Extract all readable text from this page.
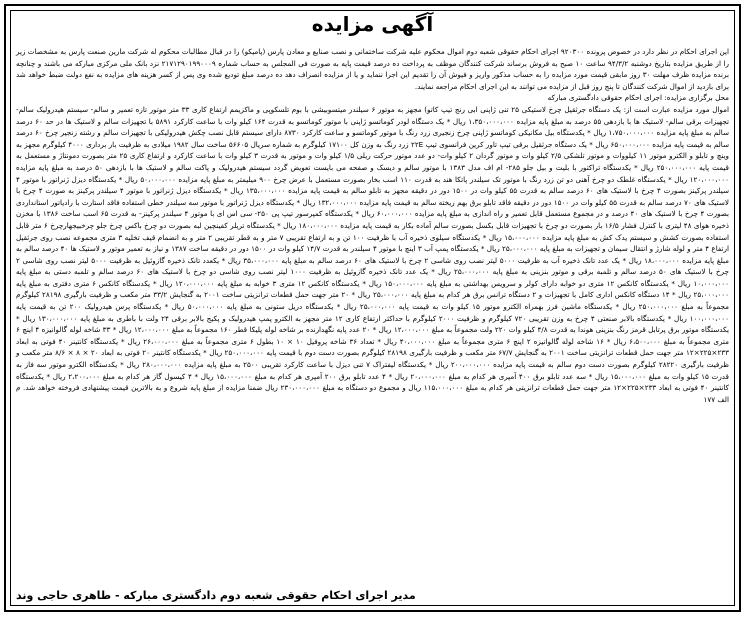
آگهی مزایده

این اجرای احکام در نظر دارد در خصوص پرونده ۹۲۰۳۰۰ اجرای احکام حقوقی شعبه دوم اموال محکوم علیه شرکت ساختمانی و نصب صنایع و معادن پارس (پامیکو) را در قبال مطالبات محکوم له شرکت مارین صنعت پارس به مشخصات زیر را از طریق مزایده بتاریخ دوشنبه ۹۴/۳/۲ ساعت ۱۰ صبح به فروش برساند شرکت کنندگان موظف به پرداخت ده درصد قیمت پایه به صورت فی المجلس به حساب شماره ۲۱۷۱۲۹۰۱۹۹۰۰۰۹ نزد بانک ملی مرکزی مبارکه می باشند و چنانچه برنده مزایده ظرف مهلت ۳۰ روز مابقی قیمت مورد مزایده را به حساب مذکور واریز و فیوش آن را تقدیم این اجرا ننماید و یا از مزایده انصراف دهد ده درصد مبلغ تودیع شده وی پس از کسر هزینه های مزایده به نفع دولت ضبط خواهد شد برای بازدید از اموال شرکت کنندگان تا پنج روز قبل از مزایده می توانند به این اجرای احکام مراجعه نمایند.

محل برگزاری مزایده: اجرای احکام حقوقی دادگستری مبارکه

اموال مورد مزایده عبارت است از: یک دستگاه جرثقیل چرخ لاستیکی ۲۵ تنی ژاپنی ابی رنج تیپ کاتو) مجهز به موتور ۶ سیلندر میتسوبیشی با بوم تلسکوپی و ماکزیمم ارتفاع کاری ۳۳ متر موتور تازه تعمیر و سالم- سیستم هیدرولیک سالم- تجهیزات برقی سالم- لاستیک ها با بازدهی ۵۵ درصد به مبلغ پایه مزایده ۱،۳۵۰،۰۰۰،۰۰۰ ریال * یک دستگاه لودر کوماتسو ژاپنی با موتور کوماتسو به قدرت ۱۶۴ کیلو وات با ساعت کارکرد ۵۸۹۱ با تجهیزات سالم و لاستیک ها در حد ۶۰ درصد سالم به مبلغ پایه مزایده ۱،۷۵۰،۰۰۰،۰۰۰ ریال * یکدستگاه بیل مکانیکی کوماتسو ژاپنی چرخ زنجیری زرد رنگ با موتور کوماتسو و ساعت کارکرد ۸۷۳۰ دارای سیستم قابل نصب چکش هیدرولیکی با تجهیزات سالم و رشته زنجیر چرخ ۶۰ درصد سالم به قیمت پایه مزایده ۶۵۰،۰۰۰،۰۰۰ ریال * یک دستگاه جرثقیل برقی تیپ تاور کرین فرانسوی تیپ ۲۲E زرد رنگ به وزن کل ۱۷۱۰۰ کیلوگرم به شماره سریال ۵۶۶۰۵ ساخت سال ۱۹۸۲ میلادی به ظرفیت بار برداری ۴۰۰۰ کیلوگرم مجهز به وینچ و تابلو و الکترو موتور ۱۱ کیلووات و موتور تلشکی ۲/۵ کیلو وات و موتور گردان ۲ کیلو وات- دو عدد موتور حرکت ریلی ۱/۵ کیلو وات و موتور به قدرت ۳ کیلو وات با ساعت کارکرد و ارتفاع کاری ۲۵ متر بصورت دمونتاژ و مستعمل به قیمت پایه ۲۵۰،۰۰۰،۰۰۰ ریال * یکدستگاه تراکتور با بلیت و بیل جلو ۲۸۵- ام اف مدل ۱۳۸۳ با موتور سالم و دیسک و صفحه می بایست تعویض گردد سیستم هیدرولیک و پاکت سالم و لاستیک ها با بازدهی ۵۰ درصد به مبلغ پایه مزایده ۱۲۰،۰۰۰،۰۰۰ ریال * یکدستگاه غلطک دو چرخ آهنی دو تن زرد رنگ با موتور تک سیلندر پاتکا هند به قدرت ۱۱۰ اسب بخار بصورت مستعمل با عرض چرخ ۹۰۰ میلیمتر به مبلغ پایه مزایده ۵۰،۰۰۰،۰۰۰ ریال * یکدستگاه دیزل ژنراتور با موتور ۴ سیلندر پرکینز بصورت ۴ چرخ با لاستیک های ۶۰ درصد سالم به قدرت ۵۵ کیلو وات در ۱۵۰۰ دور در دقیقه مجهز به تابلو سالم به قیمت پایه مزایده ۱۳۵،۰۰۰،۰۰۰ ریال * یکدستگاه دیزل ژنراتور با موتور ۴ سیلندر پرکینز به صورت ۴ چرخ با لاستیک های ۷۰ درصد سالم به قدرت ۵۵ کیلو وات در ۱۵۰۰ دور در دقیقه فاقد تابلو برق بهم ریخته سالم به قیمت پایه مزایده ۱۳۲،۰۰۰،۰۰۰ ریال * یکدستگاه دیزل ژنراتور با موتور سه سیلندر خطی استفاده فاقد استارت با رادیاتور استانداردی بصورت ۴ چرخ با لاستیک های ۴۰ درصد و در مجموع مستعمل قابل تعمیر و راه اندازی به مبلغ پایه مزایده ۶۰،۰۰۰،۰۰۰ ریال * یکدستگاه کمپرسور تیپ پی ۲۵۰- سی اس ای با موتور ۴ سیلندر پرکینز- به قدرت ۶۵ اسب ساخت ۱۳۸۶ با مخزن ذخیره هوای ۴۸ لیتری با کنترل فشار ۱۶/۵ بار بصورت دو چرخ با تجهیزات قابل بکسل بصورت سالم آماده بکار به قیمت پایه مزایده ۱۸۰،۰۰۰،۰۰۰ ریال * یکدستگاه تریلر کفینچین لبه بصورت دو چرخ باکس چرخ جلو چرخبیجهارچرخ ۶ متر قابل استفاده بصورت کشش و سیستم یدک کش به مبلغ پایه مزایده ۱۵،۰۰۰،۰۰۰ ریال * یکدستگاه سیلوی ذخیره آب با ظرفیت ۱۰۰ تن و به ارتفاع تقریبی ۷ متر و به قطر تقریبی ۲ متر و به انضمام قیف تخلیه ۳ متری مجموعه نصب روی جرثقیل ارتفاع ۴ متر و لوله شارژ و انتقال سیمان و تجهیزات به مبلغ پایه ۲۵،۰۰۰،۰۰۰ ریال * یکدستگاه پمپ آب ۳ اینچ با موتور ۴ سیلندر به قدرت ۱۴/۷ کیلو وات در ۱۵۰۰ دور در دقیقه ساخت ۱۳۸۷ و نیاز به تعمیر موتور و لاستیک ها ۴۰ درصد سالم به مبلغ پایه مزایده ۱۸،۰۰۰،۰۰۰ ریال * یک عدد تانک ذخیره آب به ظرفیت ۵۰۰۰ لیتر نصب روی شاسی ۲ چرخ با لاستیک های ۶۰ درصد سالم به مبلغ پایه ۳۵،۰۰۰،۰۰۰ ریال * یکعدد تانک ذخیره گازوئیل به ظرفیت ۵۰۰۰ لیتر نصب روی شاسی ۲ چرخ با لاستیک های ۵۰ درصد سالم و تلمبه برقی و موتور بنزینی به مبلغ پایه ۲۵،۰۰۰،۰۰۰ ریال * یک عدد تانک ذخیره گازوئیل به ظرفیت ۱۰۰۰ لیتر نصب روی شاسی دو چرخ با لاستیک های ۶۰ درصد سالم و تلمبه دستی به مبلغ پایه ۱۰،۰۰۰،۰۰۰ ریال * یکدستگاه کانکس ۱۲ متری دو خوابه دارای کولر و سرویس بهداشتی به مبلغ پایه ۱۵۰،۰۰۰،۰۰۰ ریال * یکدستگاه کانکس ۱۲ متری ۳ خوابه به مبلغ پایه ۱۲۰،۰۰۰،۰۰۰ ریال * یکدستگاه کانکس ۶ متری دفتری به مبلغ پایه ۲۵،۰۰۰،۰۰۰ ریال * ۱۴ دستگاه کانکس اداری کامل با تجهیزات و ۲ دستگاه ترانس برق هر کدام به مبلغ پایه ۲۵،۰۰۰،۰۰۰ ریال * ۲۰ متر جهت حمل قطعات ترانزیتی ساخت ۲۰۰۱ به گنجایش ۳۳/۲ متر مکعب و ظرفیت بارگیری ۲۸۱۹۸ کیلوگرم مجموعاً به مبلغ ۲۵۰،۰۰۰،۰۰۰ ریال * یکدستگاه ماشین فرز بهمراه الکترو موتور ۱۵ کیلو وات به قیمت پایه ۲۵،۰۰۰،۰۰۰ ریال * یکدستگاه دریل ستونی به مبلغ پایه ۵۰،۰۰۰،۰۰۰ ریال * یکدستگاه پرس هیدرولیک ۲۰۰ تن به قیمت پایه ۱۰۰،۰۰۰،۰۰۰ ریال * یکدستگاه بالابر صنعتی ۴ چرخ به وزن تقریبی ۷۲۰ کیلوگرم و ظرفیت ۲۰۰۰ کیلوگرم با حداکثر ارتفاع کاری ۱۲ متر مجهز به الکترو پمپ هیدرولیک و پکیج بالابر برقی ۲۴ ولت با باطری به مبلغ پایه ۱۳۰،۰۰۰،۰۰۰ ریال * یکدستگاه موتور برق پرتابل قرمز رنگ بنزینی هوندا به قدرت ۴/۸ کیلو وات ۲۲۰ ولت مجموعاً به مبلغ ۱۲،۰۰۰،۰۰۰ ریال * ۲۰ عدد پایه نگهدارنده بر شاخه لوله پلیکا قطر ۱۶۰ مجموعاً به مبلغ ۱۲،۰۰۰،۰۰۰ ریال * ۳۳ شاخه لوله گالوانیزه ۴ اینچ ۶ متری مجموعاً به مبلغ ۶،۵۰۰،۰۰۰ ریال * ۱۶ شاخه لوله گالوانیزه ۲ اینچ ۶ متری مجموعاً به مبلغ ۴۰،۰۰۰،۰۰۰ ریال * تعداد ۳۶ شاخه پروفیل ۱۰ × ۱۰ بطول ۶ متری مجموعاً به مبلغ ۲۶،۰۰۰،۰۰۰ ریال * یکدستگاه کانتینر ۴۰ فوتی به ابعاد ۲۳۳×۲۲۵×۱۲ متر جهت حمل قطعات ترانزیتی ساخت ۲۰۰۱ به گنجایش ۶۷/۷ متر مکعب و ظرفیت بارگیری ۲۸۱۹۸ کیلوگرم بصورت دست دوم با قیمت پایه ۲۵۰،۰۰۰،۰۰۰ ریال * یکدستگاه کانتینر ۲۰ فوتی به ابعاد ۲۰ × ۸ × ۸/۶ متر مکعب و ظرفیت بارگیری ۲۸۲۲۰ کیلوگرم بصورت دست دوم سالم به قیمت پایه مزایده ۲۰۰،۰۰۰،۰۰۰ ریال * یکدستگاه لیفتراک ۷ تنی دیزل با ساعت کارکرد تقریبی ۲۵۰۰ به مبلغ پایه مزایده ۲۸۰،۰۰۰،۰۰۰ ریال * یکدستگاه الکترو موتور سه فاز به قدرت ۱۵ کیلو وات به مبلغ ۱۵،۰۰۰،۰۰۰ ریال * سه عدد تابلو برق ۴۰۰ آمپری هر کدام به مبلغ ۲۰،۰۰۰،۰۰۰ ریال * ۴ عدد تابلو برق ۲۰۰ آمپری هر کدام به مبلغ ۱۵،۰۰۰،۰۰۰ ریال * ۴ کیسول گاز هر کدام به مبلغ ۲،۲۰۰،۰۰۰ ریال * یکدستگاه کانتینر ۴۰ فوتی به ابعاد ۲۳۳×۲۲۵×۱۲ متر جهت حمل قطعات ترانزیتی هر کدام به مبلغ ۱۱۵،۰۰۰،۰۰۰ ریال و مجموع دو دستگاه به مبلغ ۲۳۰،۰۰۰،۰۰۰ ریال ضمنا مزایده از مبلغ پایه شروع و به بالاترین قیمت پیشنهادی فروخته خواهد شد. م الف ۱۷۷

مدیر اجرای احکام حقوقی شعبه دوم دادگستری مبارکه - طاهری حاجی وند
